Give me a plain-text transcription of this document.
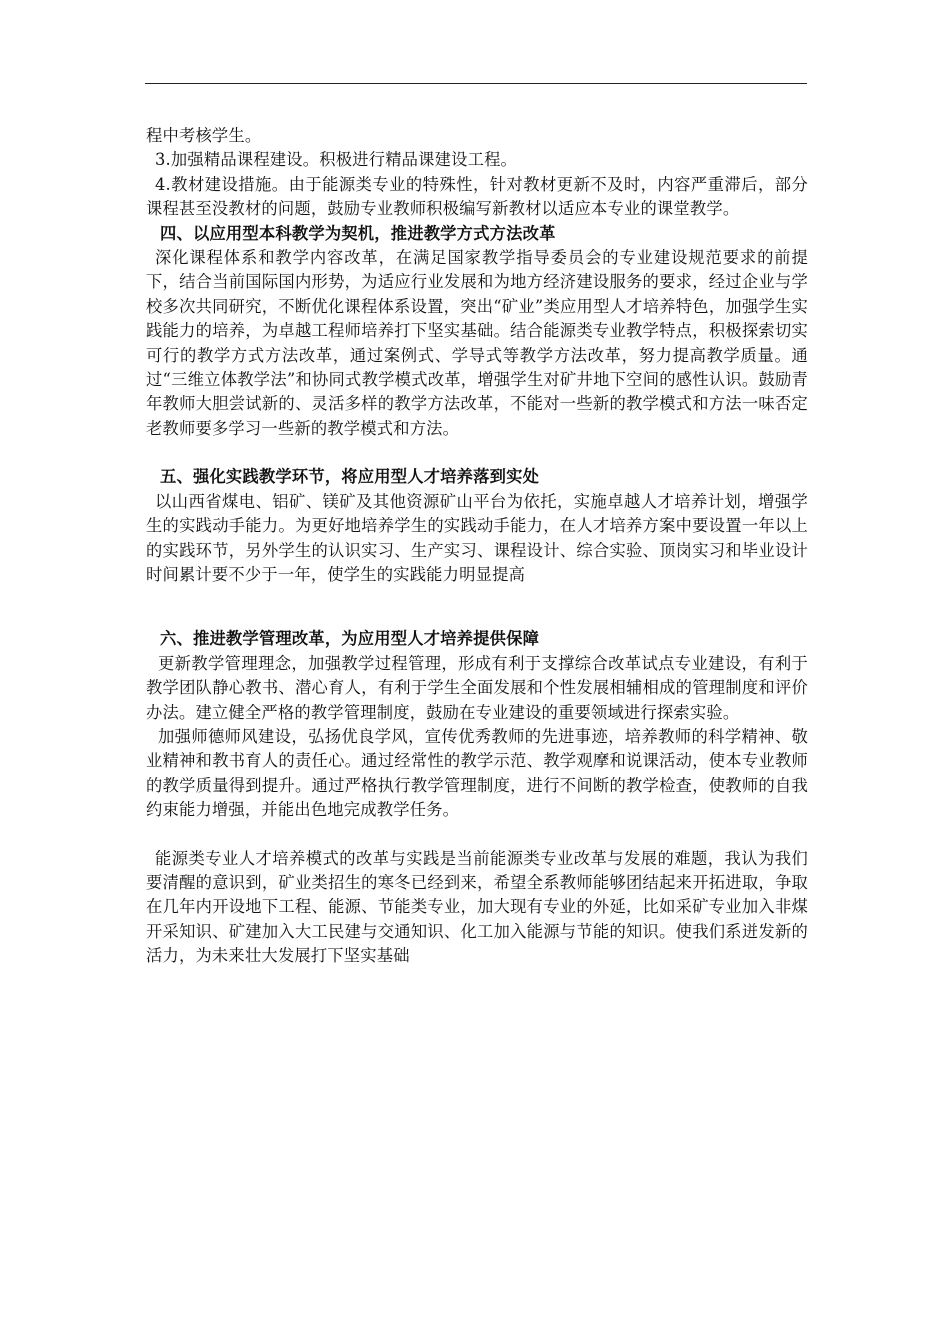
程中考核学生。

3.加强精品课程建设。积极进行精品课建设工程。

4.教材建设措施。由于能源类专业的特殊性，针对教材更新不及时，内容严重滞后，部分课程甚至没教材的问题，鼓励专业教师积极编写新教材以适应本专业的课堂教学。

四、以应用型本科教学为契机，推进教学方式方法改革

深化课程体系和教学内容改革，在满足国家教学指导委员会的专业建设规范要求的前提下，结合当前国际国内形势，为适应行业发展和为地方经济建设服务的要求，经过企业与学校多次共同研究，不断优化课程体系设置，突出“矿业”类应用型人才培养特色，加强学生实践能力的培养，为卓越工程师培养打下坚实基础。结合能源类专业教学特点，积极探索切实可行的教学方式方法改革，通过案例式、学导式等教学方法改革，努力提高教学质量。通过“三维立体教学法”和协同式教学模式改革，增强学生对矿井地下空间的感性认识。鼓励青年教师大胆尝试新的、灵活多样的教学方法改革，不能对一些新的教学模式和方法一味否定老教师要多学习一些新的教学模式和方法。

五、强化实践教学环节，将应用型人才培养落到实处

以山西省煤电、铝矿、镁矿及其他资源矿山平台为依托，实施卓越人才培养计划，增强学生的实践动手能力。为更好地培养学生的实践动手能力，在人才培养方案中要设置一年以上的实践环节，另外学生的认识实习、生产实习、课程设计、综合实验、顶岗实习和毕业设计时间累计要不少于一年，使学生的实践能力明显提高

六、推进教学管理改革，为应用型人才培养提供保障

更新教学管理理念，加强教学过程管理，形成有利于支撑综合改革试点专业建设，有利于教学团队静心教书、潜心育人，有利于学生全面发展和个性发展相辅相成的管理制度和评价办法。建立健全严格的教学管理制度，鼓励在专业建设的重要领域进行探索实验。

加强师德师风建设，弘扬优良学风，宣传优秀教师的先进事迹，培养教师的科学精神、敬业精神和教书育人的责任心。通过经常性的教学示范、教学观摩和说课活动，使本专业教师的教学质量得到提升。通过严格执行教学管理制度，进行不间断的教学检查，使教师的自我约束能力增强，并能出色地完成教学任务。

能源类专业人才培养模式的改革与实践是当前能源类专业改革与发展的难题，我认为我们要清醒的意识到，矿业类招生的寒冬已经到来，希望全系教师能够团结起来开拓进取，争取在几年内开设地下工程、能源、节能类专业，加大现有专业的外延，比如采矿专业加入非煤开采知识、矿建加入大工民建与交通知识、化工加入能源与节能的知识。使我们系迸发新的活力，为未来壮大发展打下坚实基础
